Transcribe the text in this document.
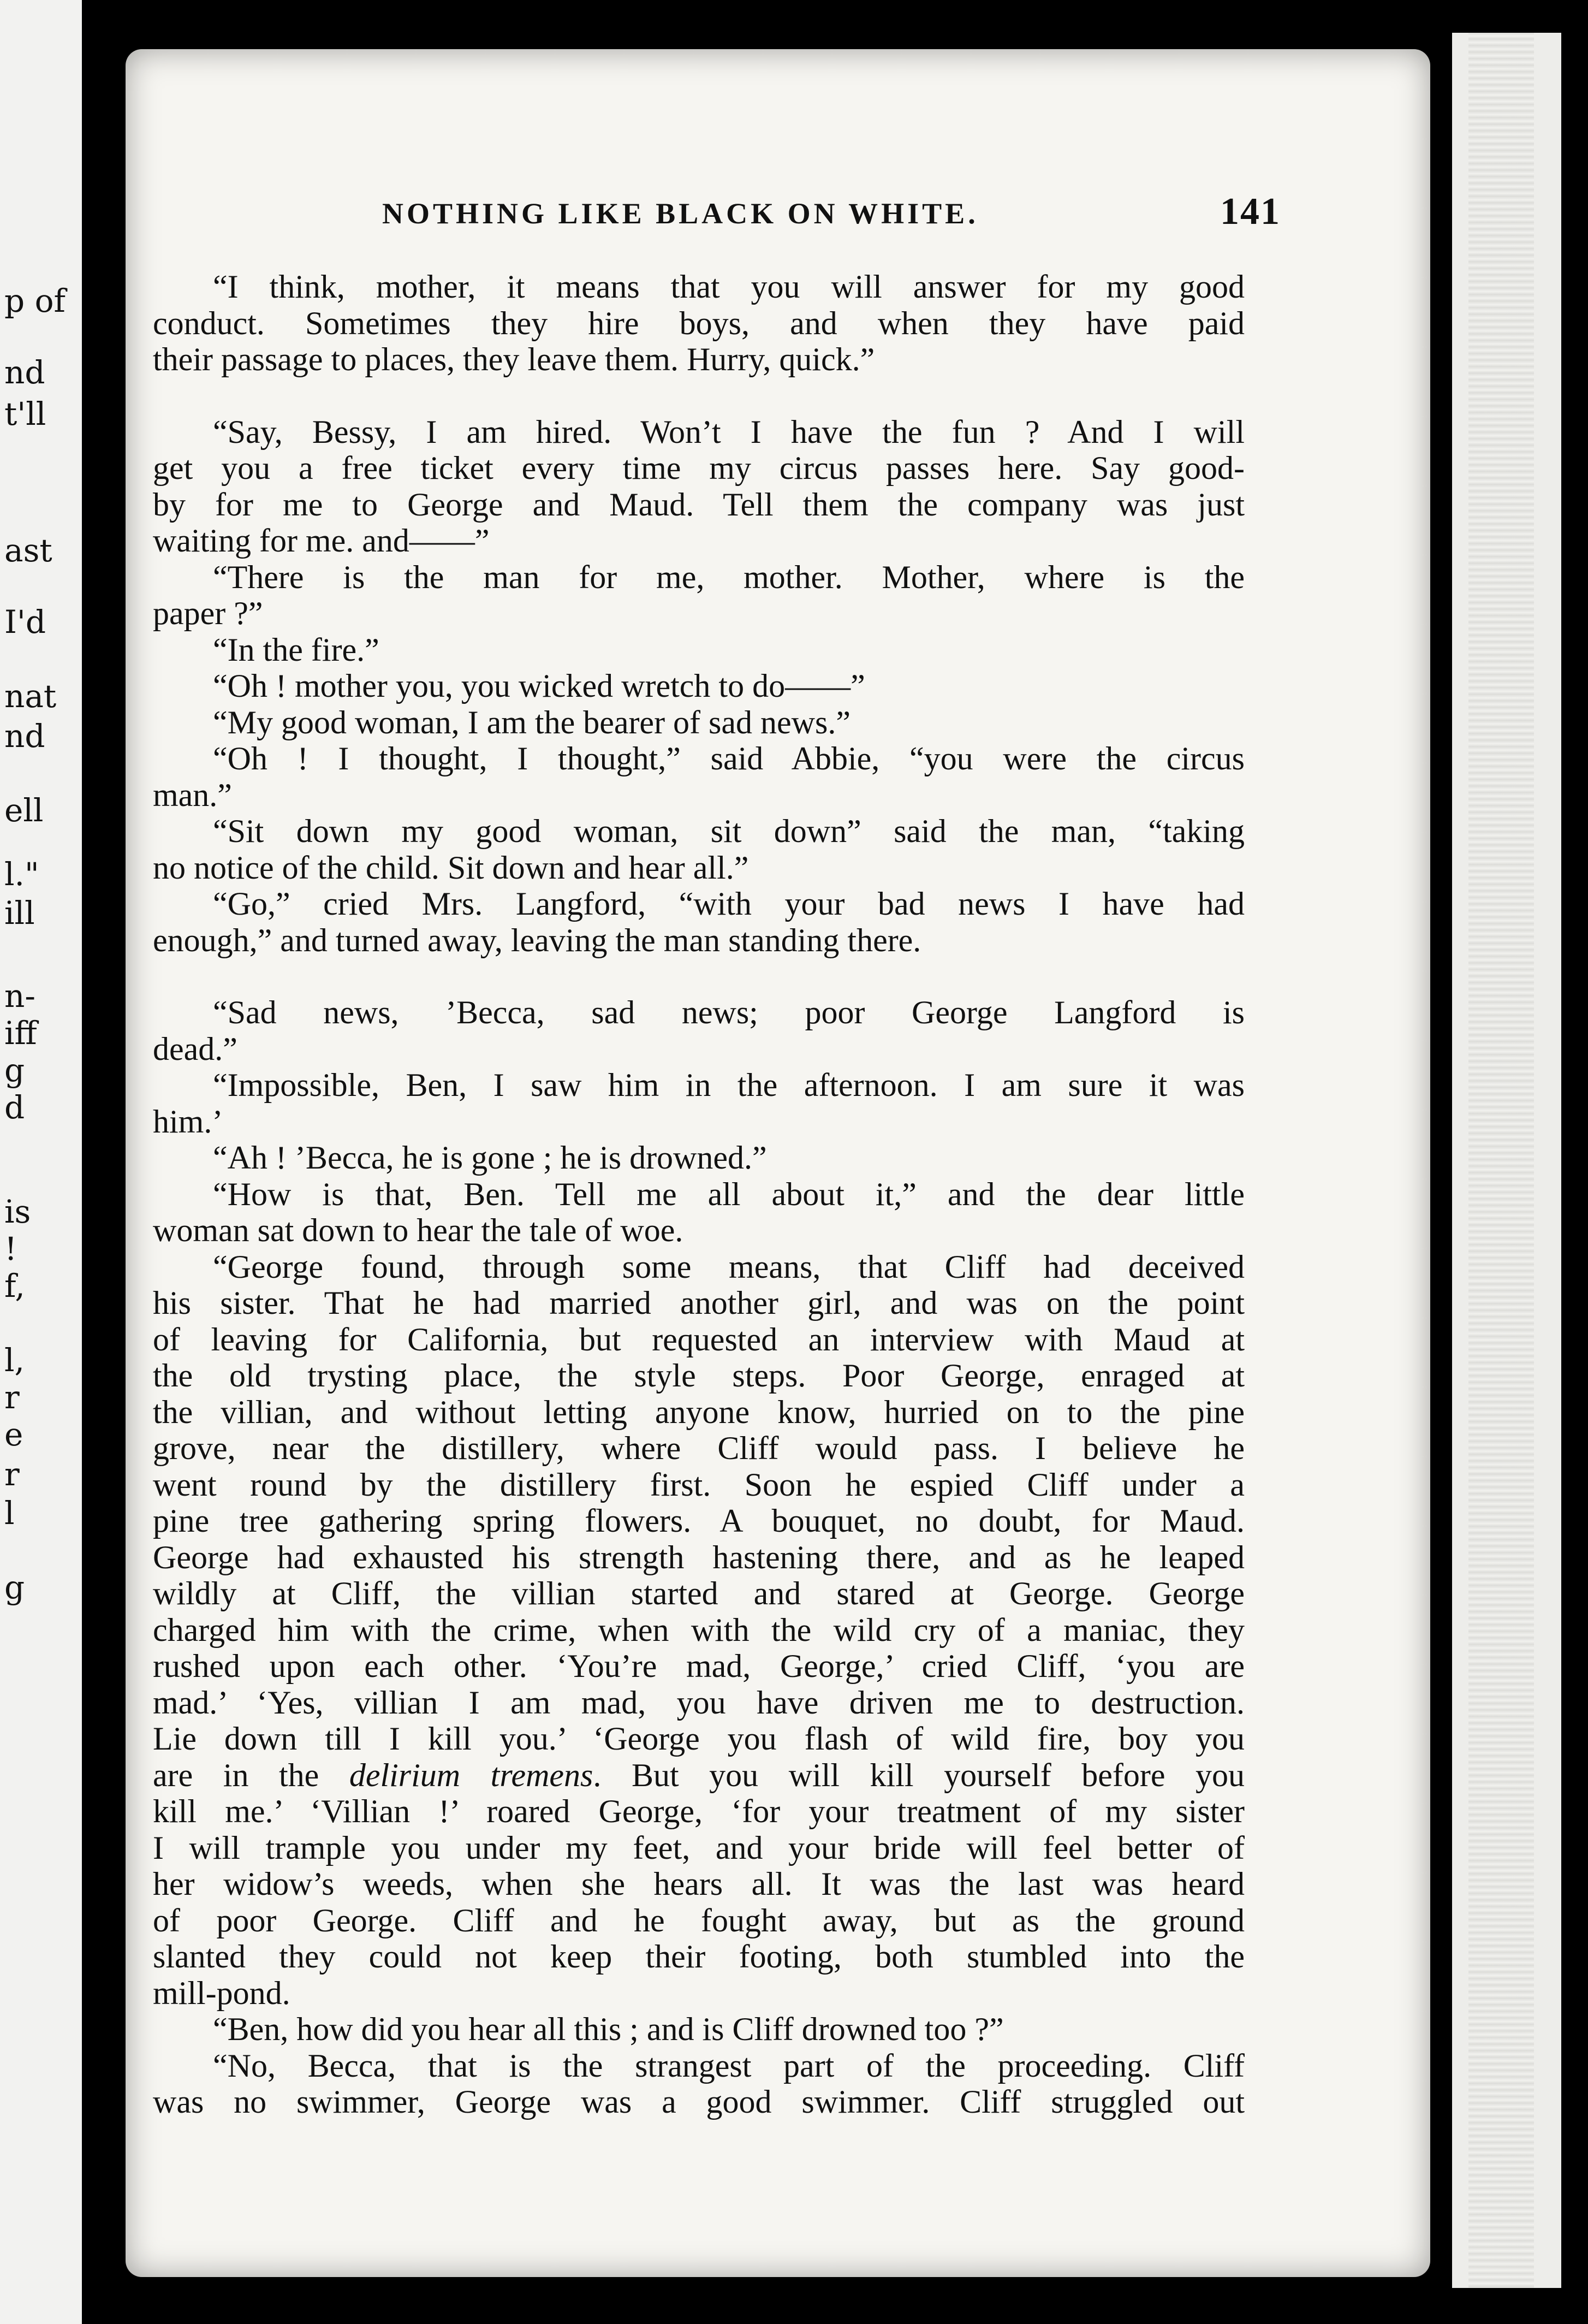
p of
nd
t'll
ast
I'd
nat
nd
ell
l."
ill
n-
iff
g
d
is
!
f,
l,
r
e
r
l
g
NOTHING LIKE BLACK ON WHITE.	141
“I think, mother, it means that you will answer for my good
conduct. Sometimes they hire boys, and when they have paid
their passage to places, they leave them. Hurry, quick.”
“Say, Bessy, I am hired. Won’t I have the fun ? And I will
get you a free ticket every time my circus passes here. Say good-
by for me to George and Maud. Tell them the company was just
waiting for me. and——”
“There is the man for me, mother. Mother, where is the
paper ?”
“In the fire.”
“Oh ! mother you, you wicked wretch to do——”
“My good woman, I am the bearer of sad news.”
“Oh ! I thought, I thought,” said Abbie, “you were the circus
man.”
“Sit down my good woman, sit down” said the man, “taking
no notice of the child. Sit down and hear all.”
“Go,” cried Mrs. Langford, “with your bad news I have had
enough,” and turned away, leaving the man standing there.
“Sad news, ’Becca, sad news; poor George Langford is
dead.”
“Impossible, Ben, I saw him in the afternoon. I am sure it was
him.’
“Ah ! ’Becca, he is gone ; he is drowned.”
“How is that, Ben. Tell me all about it,” and the dear little
woman sat down to hear the tale of woe.
“George found, through some means, that Cliff had deceived
his sister. That he had married another girl, and was on the point
of leaving for California, but requested an interview with Maud at
the old trysting place, the style steps. Poor George, enraged at
the villian, and without letting anyone know, hurried on to the pine
grove, near the distillery, where Cliff would pass. I believe he
went round by the distillery first. Soon he espied Cliff under a
pine tree gathering spring flowers. A bouquet, no doubt, for Maud.
George had exhausted his strength hastening there, and as he leaped
wildly at Cliff, the villian started and stared at George. George
charged him with the crime, when with the wild cry of a maniac, they
rushed upon each other. ‘You’re mad, George,’ cried Cliff, ‘you are
mad.’ ‘Yes, villian I am mad, you have driven me to destruction.
Lie down till I kill you.’ ‘George you flash of wild fire, boy you
are in the delirium tremens. But you will kill yourself before you
kill me.’ ‘Villian !’ roared George, ‘for your treatment of my sister
I will trample you under my feet, and your bride will feel better of
her widow’s weeds, when she hears all. It was the last was heard
of poor George. Cliff and he fought away, but as the ground
slanted they could not keep their footing, both stumbled into the
mill-pond.
“Ben, how did you hear all this ; and is Cliff drowned too ?”
“No, Becca, that is the strangest part of the proceeding. Cliff
was no swimmer, George was a good swimmer. Cliff struggled out
